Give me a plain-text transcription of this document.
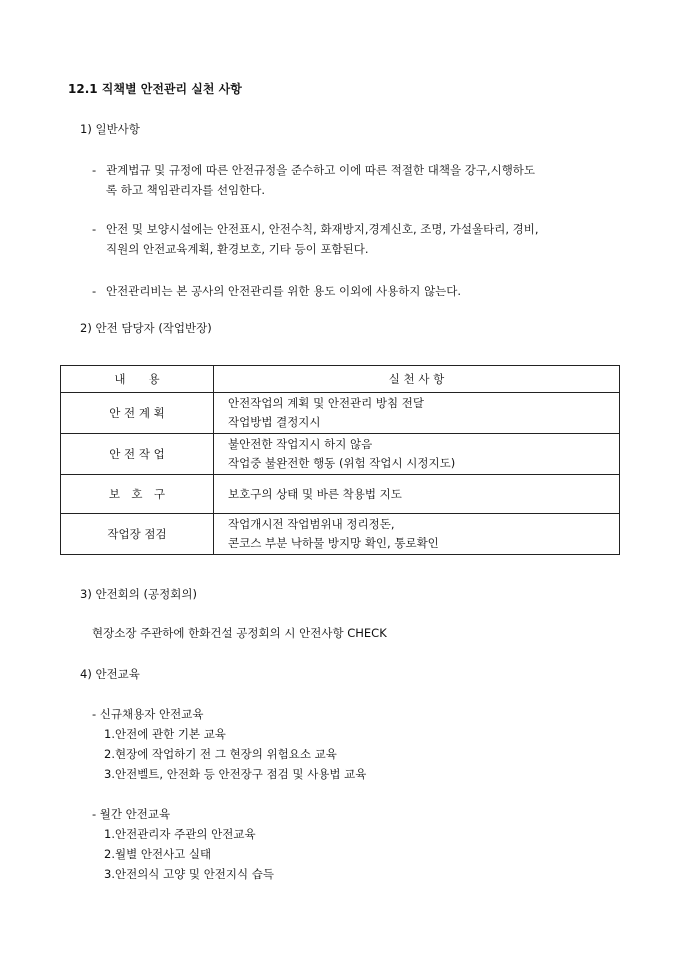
12.1 직책별 안전관리 실천 사항
1) 일반사항
- 관계법규 및 규정에 따른 안전규정을 준수하고 이에 따른 적절한 대책을 강구,시행하도
록 하고 책임관리자를 선임한다.
- 안전 및 보양시설에는 안전표시, 안전수칙, 화재방지,경계신호, 조명, 가설울타리, 경비,
직원의 안전교육계획, 환경보호, 기타 등이 포함된다.
- 안전관리비는 본 공사의 안전관리를 위한 용도 이외에 사용하지 않는다.
2) 안전 담당자 (작업반장)
내　　용	실 천 사 항
안 전 계 획	안전작업의 계획 및 안전관리 방침 전달
작업방법 결정지시

안 전 작 업	불안전한 작업지시 하지 않음
작업중 불완전한 행동 (위험 작업시 시정지도)

보　호　구	보호구의 상태 및 바른 착용법 지도

작업장 점검	작업개시전 작업범위내 정리정돈,
콘코스 부분 낙하물 방지망 확인, 통로확인
3) 안전회의 (공정회의)
현장소장 주관하에 한화건설 공정회의 시 안전사항 CHECK
4) 안전교육
- 신규채용자 안전교육
1.안전에 관한 기본 교육
2.현장에 작업하기 전 그 현장의 위험요소 교육
3.안전벨트, 안전화 등 안전장구 점검 및 사용법 교육
- 월간 안전교육
1.안전관리자 주관의 안전교육
2.월별 안전사고 실태
3.안전의식 고양 및 안전지식 습득
